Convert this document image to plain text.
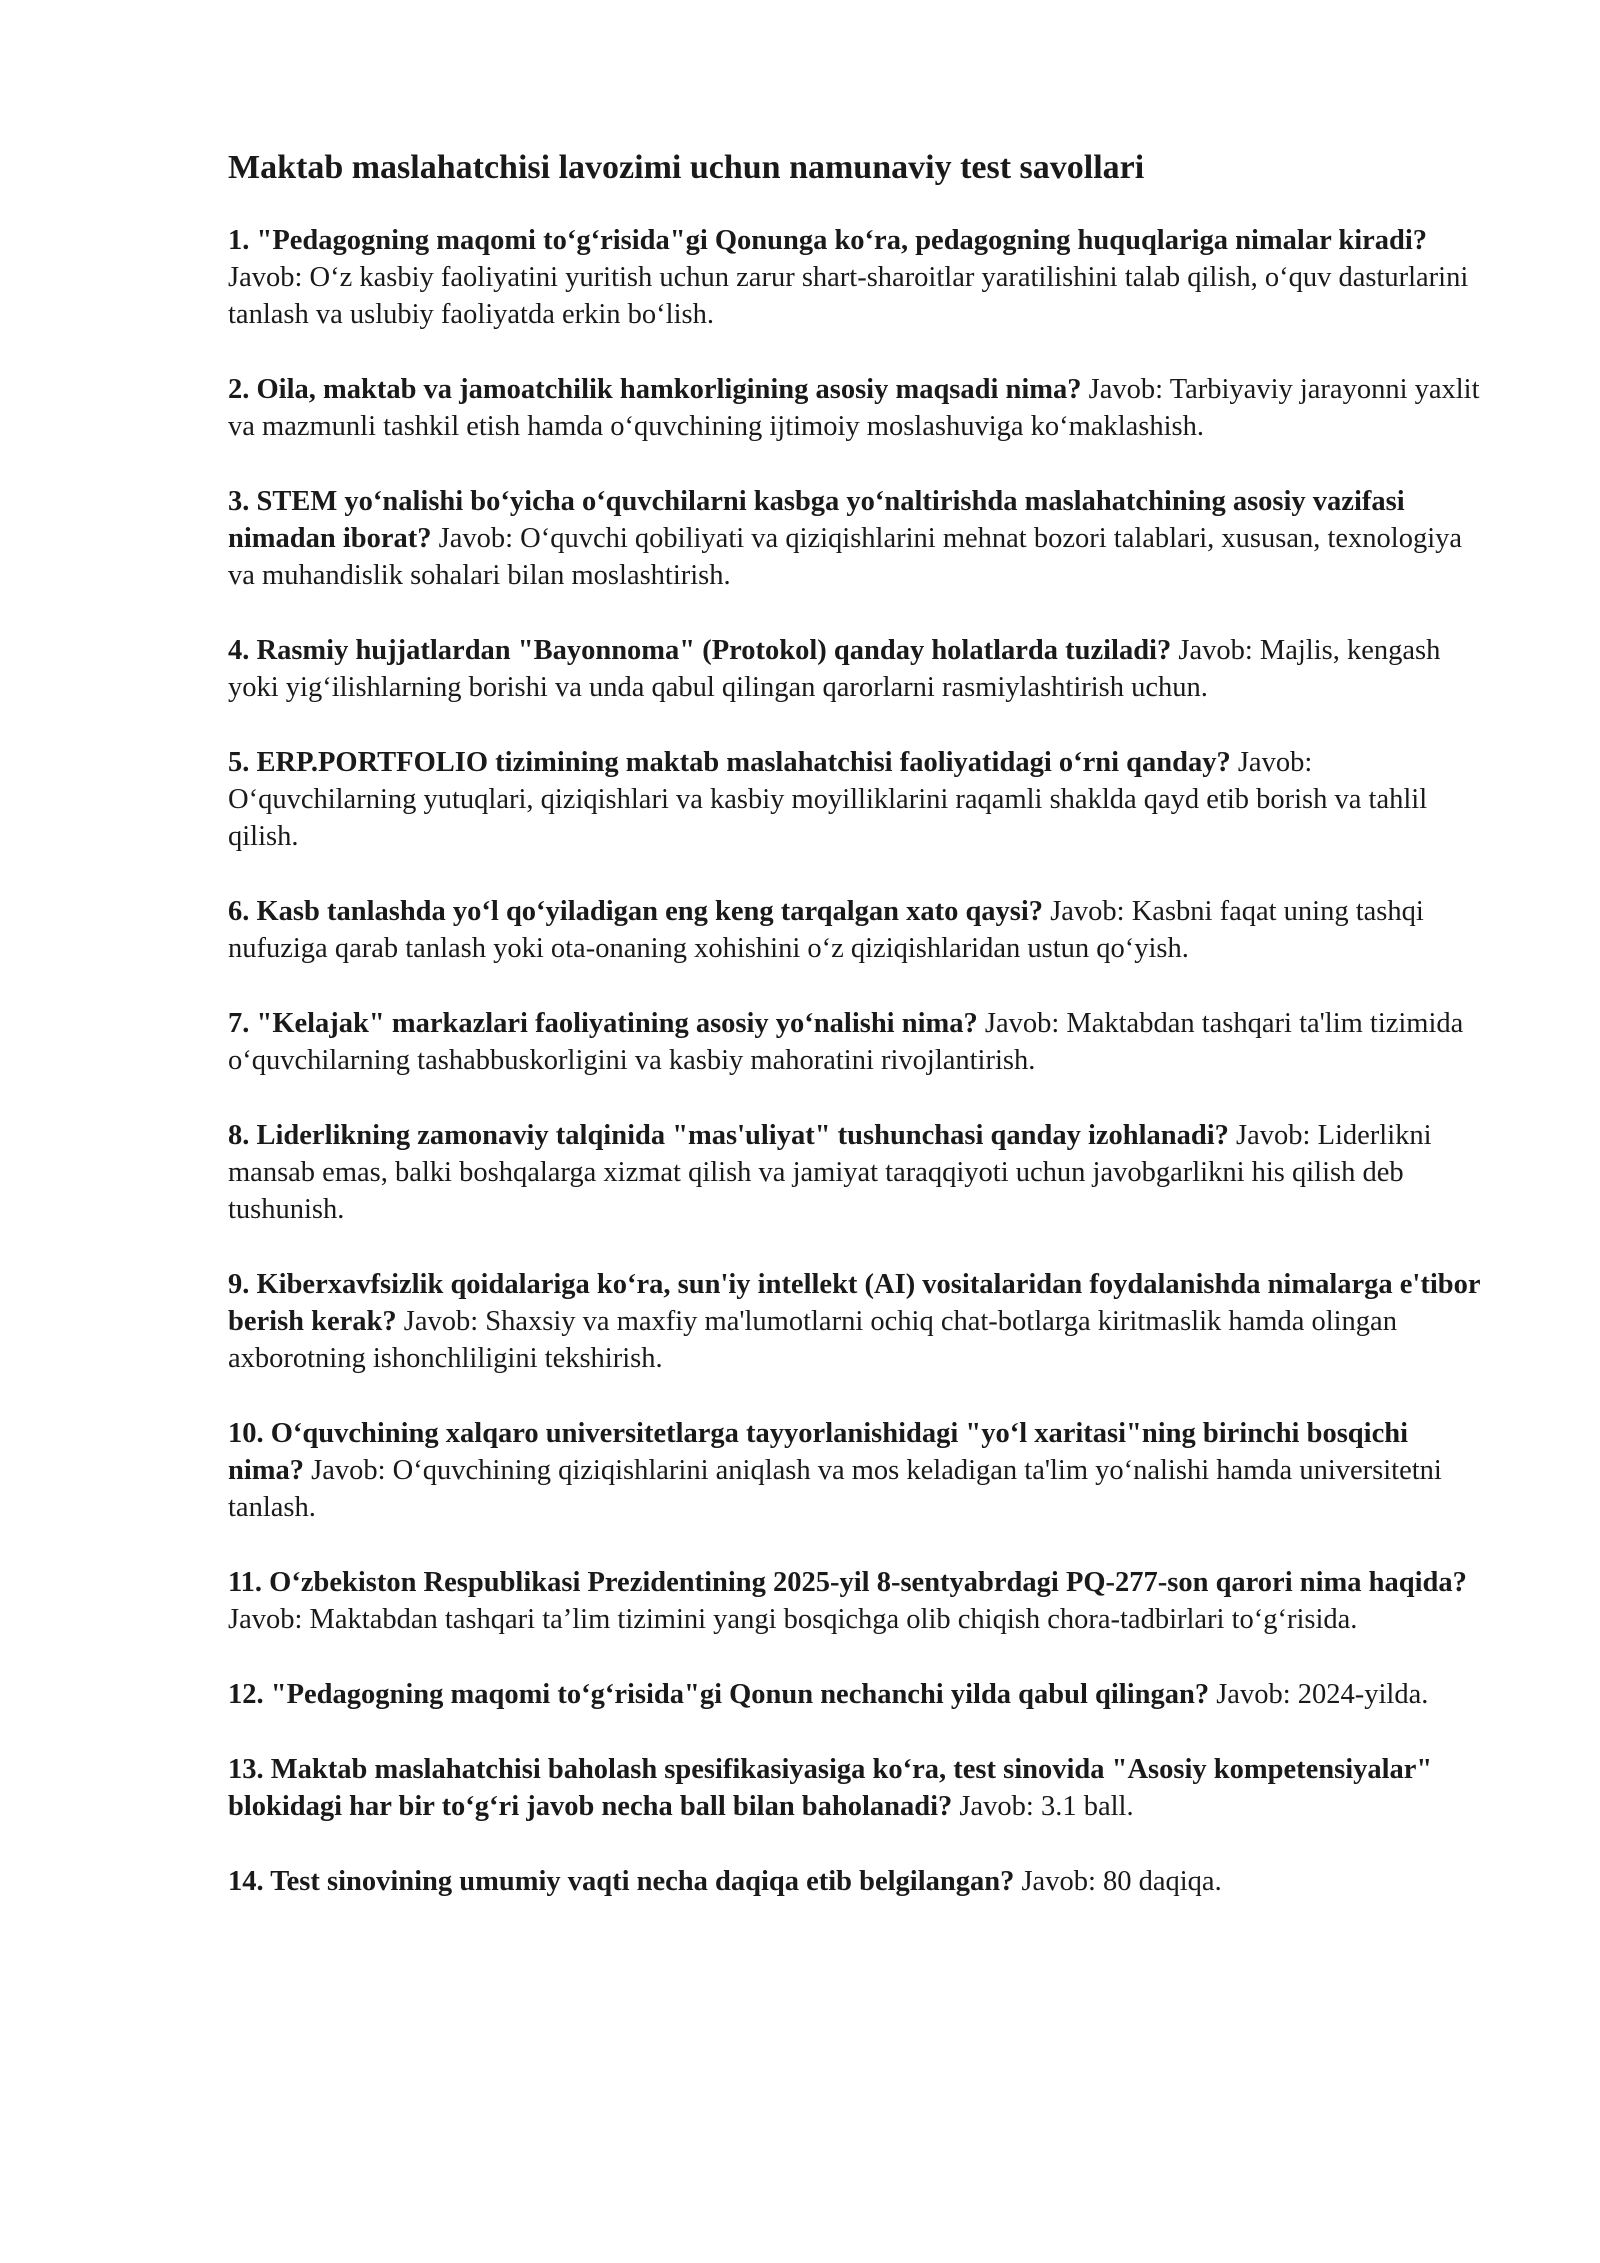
Maktab maslahatchisi lavozimi uchun namunaviy test savollari

1. "Pedagogning maqomi to‘g‘risida"gi Qonunga ko‘ra, pedagogning huquqlariga nimalar kiradi? Javob: O‘z kasbiy faoliyatini yuritish uchun zarur shart-sharoitlar yaratilishini talab qilish, o‘quv dasturlarini tanlash va uslubiy faoliyatda erkin bo‘lish.

2. Oila, maktab va jamoatchilik hamkorligining asosiy maqsadi nima? Javob: Tarbiyaviy jarayonni yaxlit va mazmunli tashkil etish hamda o‘quvchining ijtimoiy moslashuviga ko‘maklashish.

3. STEM yo‘nalishi bo‘yicha o‘quvchilarni kasbga yo‘naltirishda maslahatchining asosiy vazifasi nimadan iborat? Javob: O‘quvchi qobiliyati va qiziqishlarini mehnat bozori talablari, xususan, texnologiya va muhandislik sohalari bilan moslashtirish.

4. Rasmiy hujjatlardan "Bayonnoma" (Protokol) qanday holatlarda tuziladi? Javob: Majlis, kengash yoki yig‘ilishlarning borishi va unda qabul qilingan qarorlarni rasmiylashtirish uchun.

5. ERP.PORTFOLIO tizimining maktab maslahatchisi faoliyatidagi o‘rni qanday? Javob: O‘quvchilarning yutuqlari, qiziqishlari va kasbiy moyilliklarini raqamli shaklda qayd etib borish va tahlil qilish.

6. Kasb tanlashda yo‘l qo‘yiladigan eng keng tarqalgan xato qaysi? Javob: Kasbni faqat uning tashqi nufuziga qarab tanlash yoki ota-onaning xohishini o‘z qiziqishlaridan ustun qo‘yish.

7. "Kelajak" markazlari faoliyatining asosiy yo‘nalishi nima? Javob: Maktabdan tashqari ta'lim tizimida o‘quvchilarning tashabbuskorligini va kasbiy mahoratini rivojlantirish.

8. Liderlikning zamonaviy talqinida "mas'uliyat" tushunchasi qanday izohlanadi? Javob: Liderlikni mansab emas, balki boshqalarga xizmat qilish va jamiyat taraqqiyoti uchun javobgarlikni his qilish deb tushunish.

9. Kiberxavfsizlik qoidalariga ko‘ra, sun'iy intellekt (AI) vositalaridan foydalanishda nimalarga e'tibor berish kerak? Javob: Shaxsiy va maxfiy ma'lumotlarni ochiq chat-botlarga kiritmaslik hamda olingan axborotning ishonchliligini tekshirish.

10. O‘quvchining xalqaro universitetlarga tayyorlanishidagi "yo‘l xaritasi"ning birinchi bosqichi nima? Javob: O‘quvchining qiziqishlarini aniqlash va mos keladigan ta'lim yo‘nalishi hamda universitetni tanlash.

11. O‘zbekiston Respublikasi Prezidentining 2025-yil 8-sentyabrdagi PQ-277-son qarori nima haqida? Javob: Maktabdan tashqari ta’lim tizimini yangi bosqichga olib chiqish chora-tadbirlari to‘g‘risida.

12. "Pedagogning maqomi to‘g‘risida"gi Qonun nechanchi yilda qabul qilingan? Javob: 2024-yilda.

13. Maktab maslahatchisi baholash spesifikasiyasiga ko‘ra, test sinovida "Asosiy kompetensiyalar" blokidagi har bir to‘g‘ri javob necha ball bilan baholanadi? Javob: 3.1 ball.

14. Test sinovining umumiy vaqti necha daqiqa etib belgilangan? Javob: 80 daqiqa.
